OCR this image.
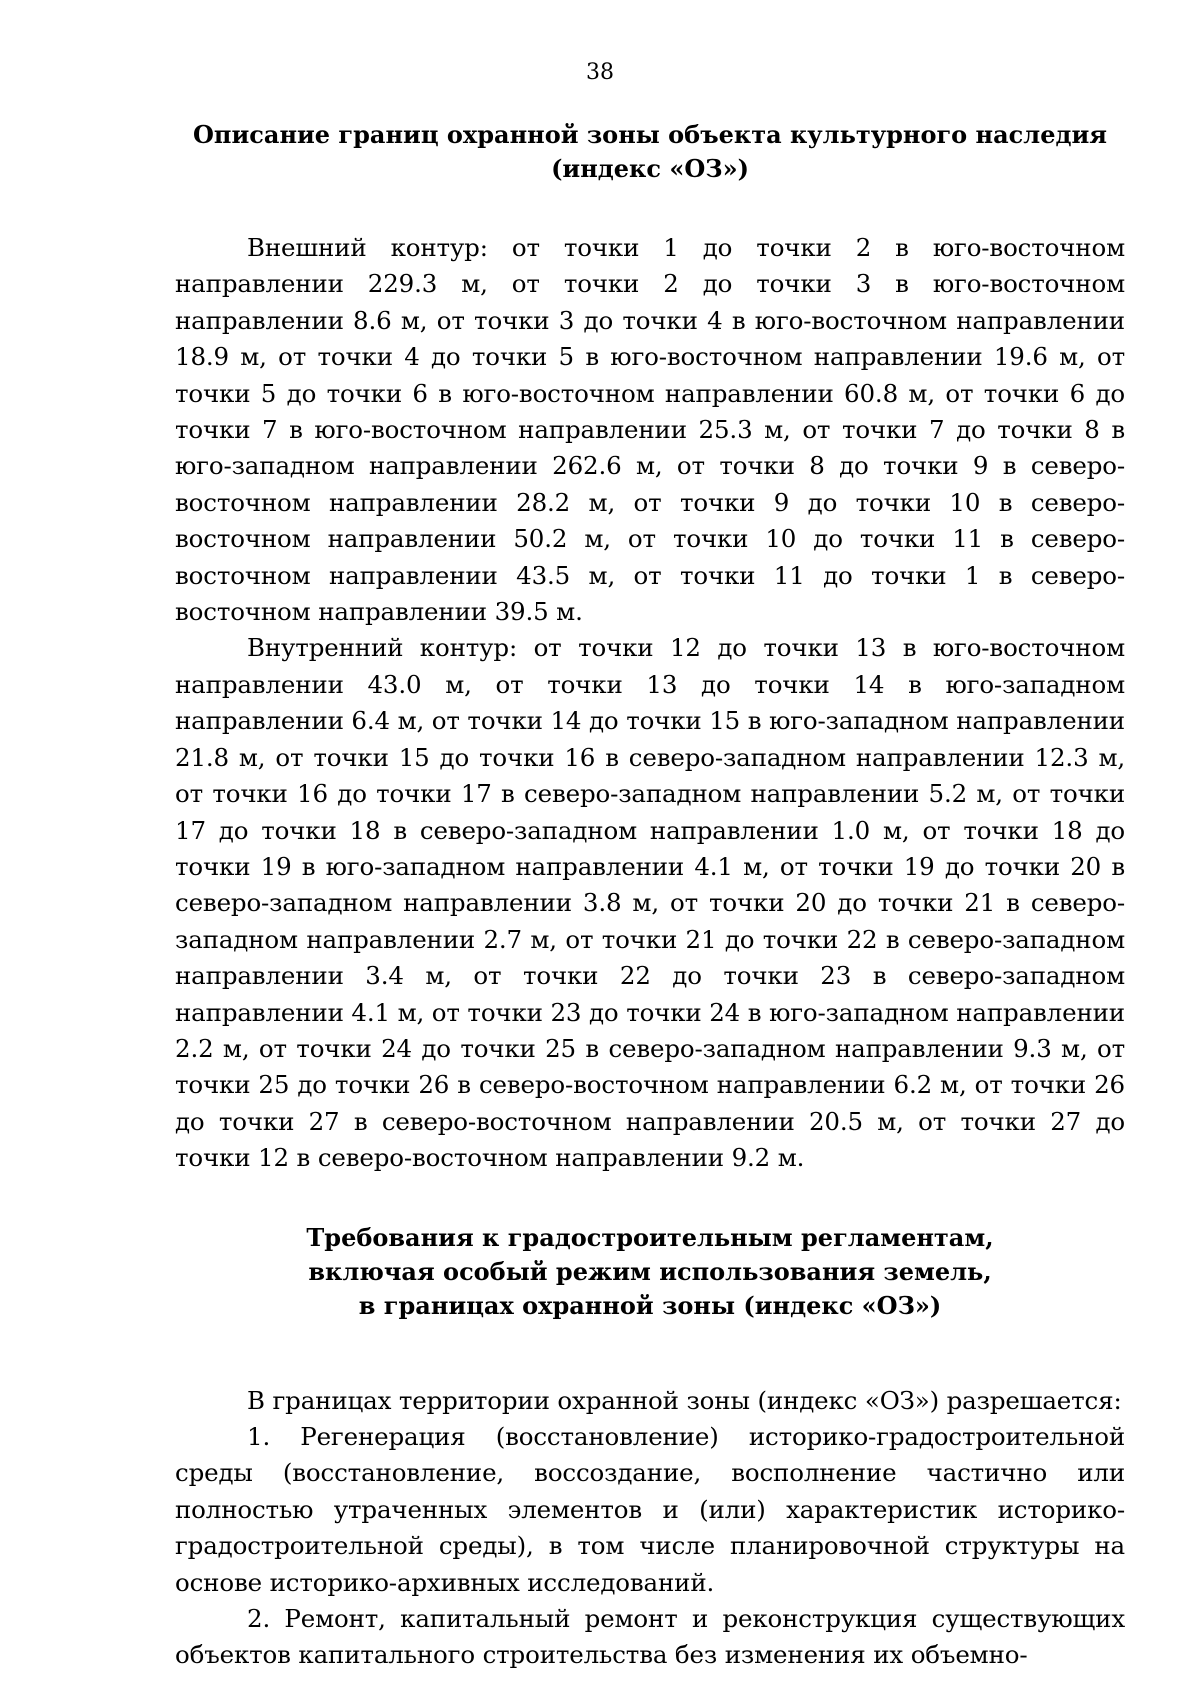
38
Описание границ охранной зоны объекта культурного наследия
(индекс «ОЗ»)

Внешний контур: от точки 1 до точки 2 в юго-восточном направлении 229.3 м, от точки 2 до точки 3 в юго-восточном направлении 8.6 м, от точки 3 до точки 4 в юго-восточном направлении 18.9 м, от точки 4 до точки 5 в юго-восточном направлении 19.6 м, от точки 5 до точки 6 в юго-восточном направлении 60.8 м, от точки 6 до точки 7 в юго-восточном направлении 25.3 м, от точки 7 до точки 8 в юго-западном направлении 262.6 м, от точки 8 до точки 9 в северо-восточном направлении 28.2 м, от точки 9 до точки 10 в северо-восточном направлении 50.2 м, от точки 10 до точки 11 в северо-восточном направлении 43.5 м, от точки 11 до точки 1 в северо-восточном направлении 39.5 м.

Внутренний контур: от точки 12 до точки 13 в юго-восточном направлении 43.0 м, от точки 13 до точки 14 в юго-западном направлении 6.4 м, от точки 14 до точки 15 в юго-западном направлении 21.8 м, от точки 15 до точки 16 в северо-западном направлении 12.3 м, от точки 16 до точки 17 в северо-западном направлении 5.2 м, от точки 17 до точки 18 в северо-западном направлении 1.0 м, от точки 18 до точки 19 в юго-западном направлении 4.1 м, от точки 19 до точки 20 в северо-западном направлении 3.8 м, от точки 20 до точки 21 в северо-западном направлении 2.7 м, от точки 21 до точки 22 в северо-западном направлении 3.4 м, от точки 22 до точки 23 в северо-западном направлении 4.1 м, от точки 23 до точки 24 в юго-западном направлении 2.2 м, от точки 24 до точки 25 в северо-западном направлении 9.3 м, от точки 25 до точки 26 в северо-восточном направлении 6.2 м, от точки 26 до точки 27 в северо-восточном направлении 20.5 м, от точки 27 до точки 12 в северо-восточном направлении 9.2 м.

Требования к градостроительным регламентам,
включая особый режим использования земель,
в границах охранной зоны (индекс «ОЗ»)

В границах территории охранной зоны (индекс «ОЗ») разрешается:

1. Регенерация (восстановление) историко-градостроительной среды (восстановление, воссоздание, восполнение частично или полностью утраченных элементов и (или) характеристик историко-градостроительной среды), в том числе планировочной структуры на основе историко-архивных исследований.

2. Ремонт, капитальный ремонт и реконструкция существующих объектов капитального строительства без изменения их объемно-
